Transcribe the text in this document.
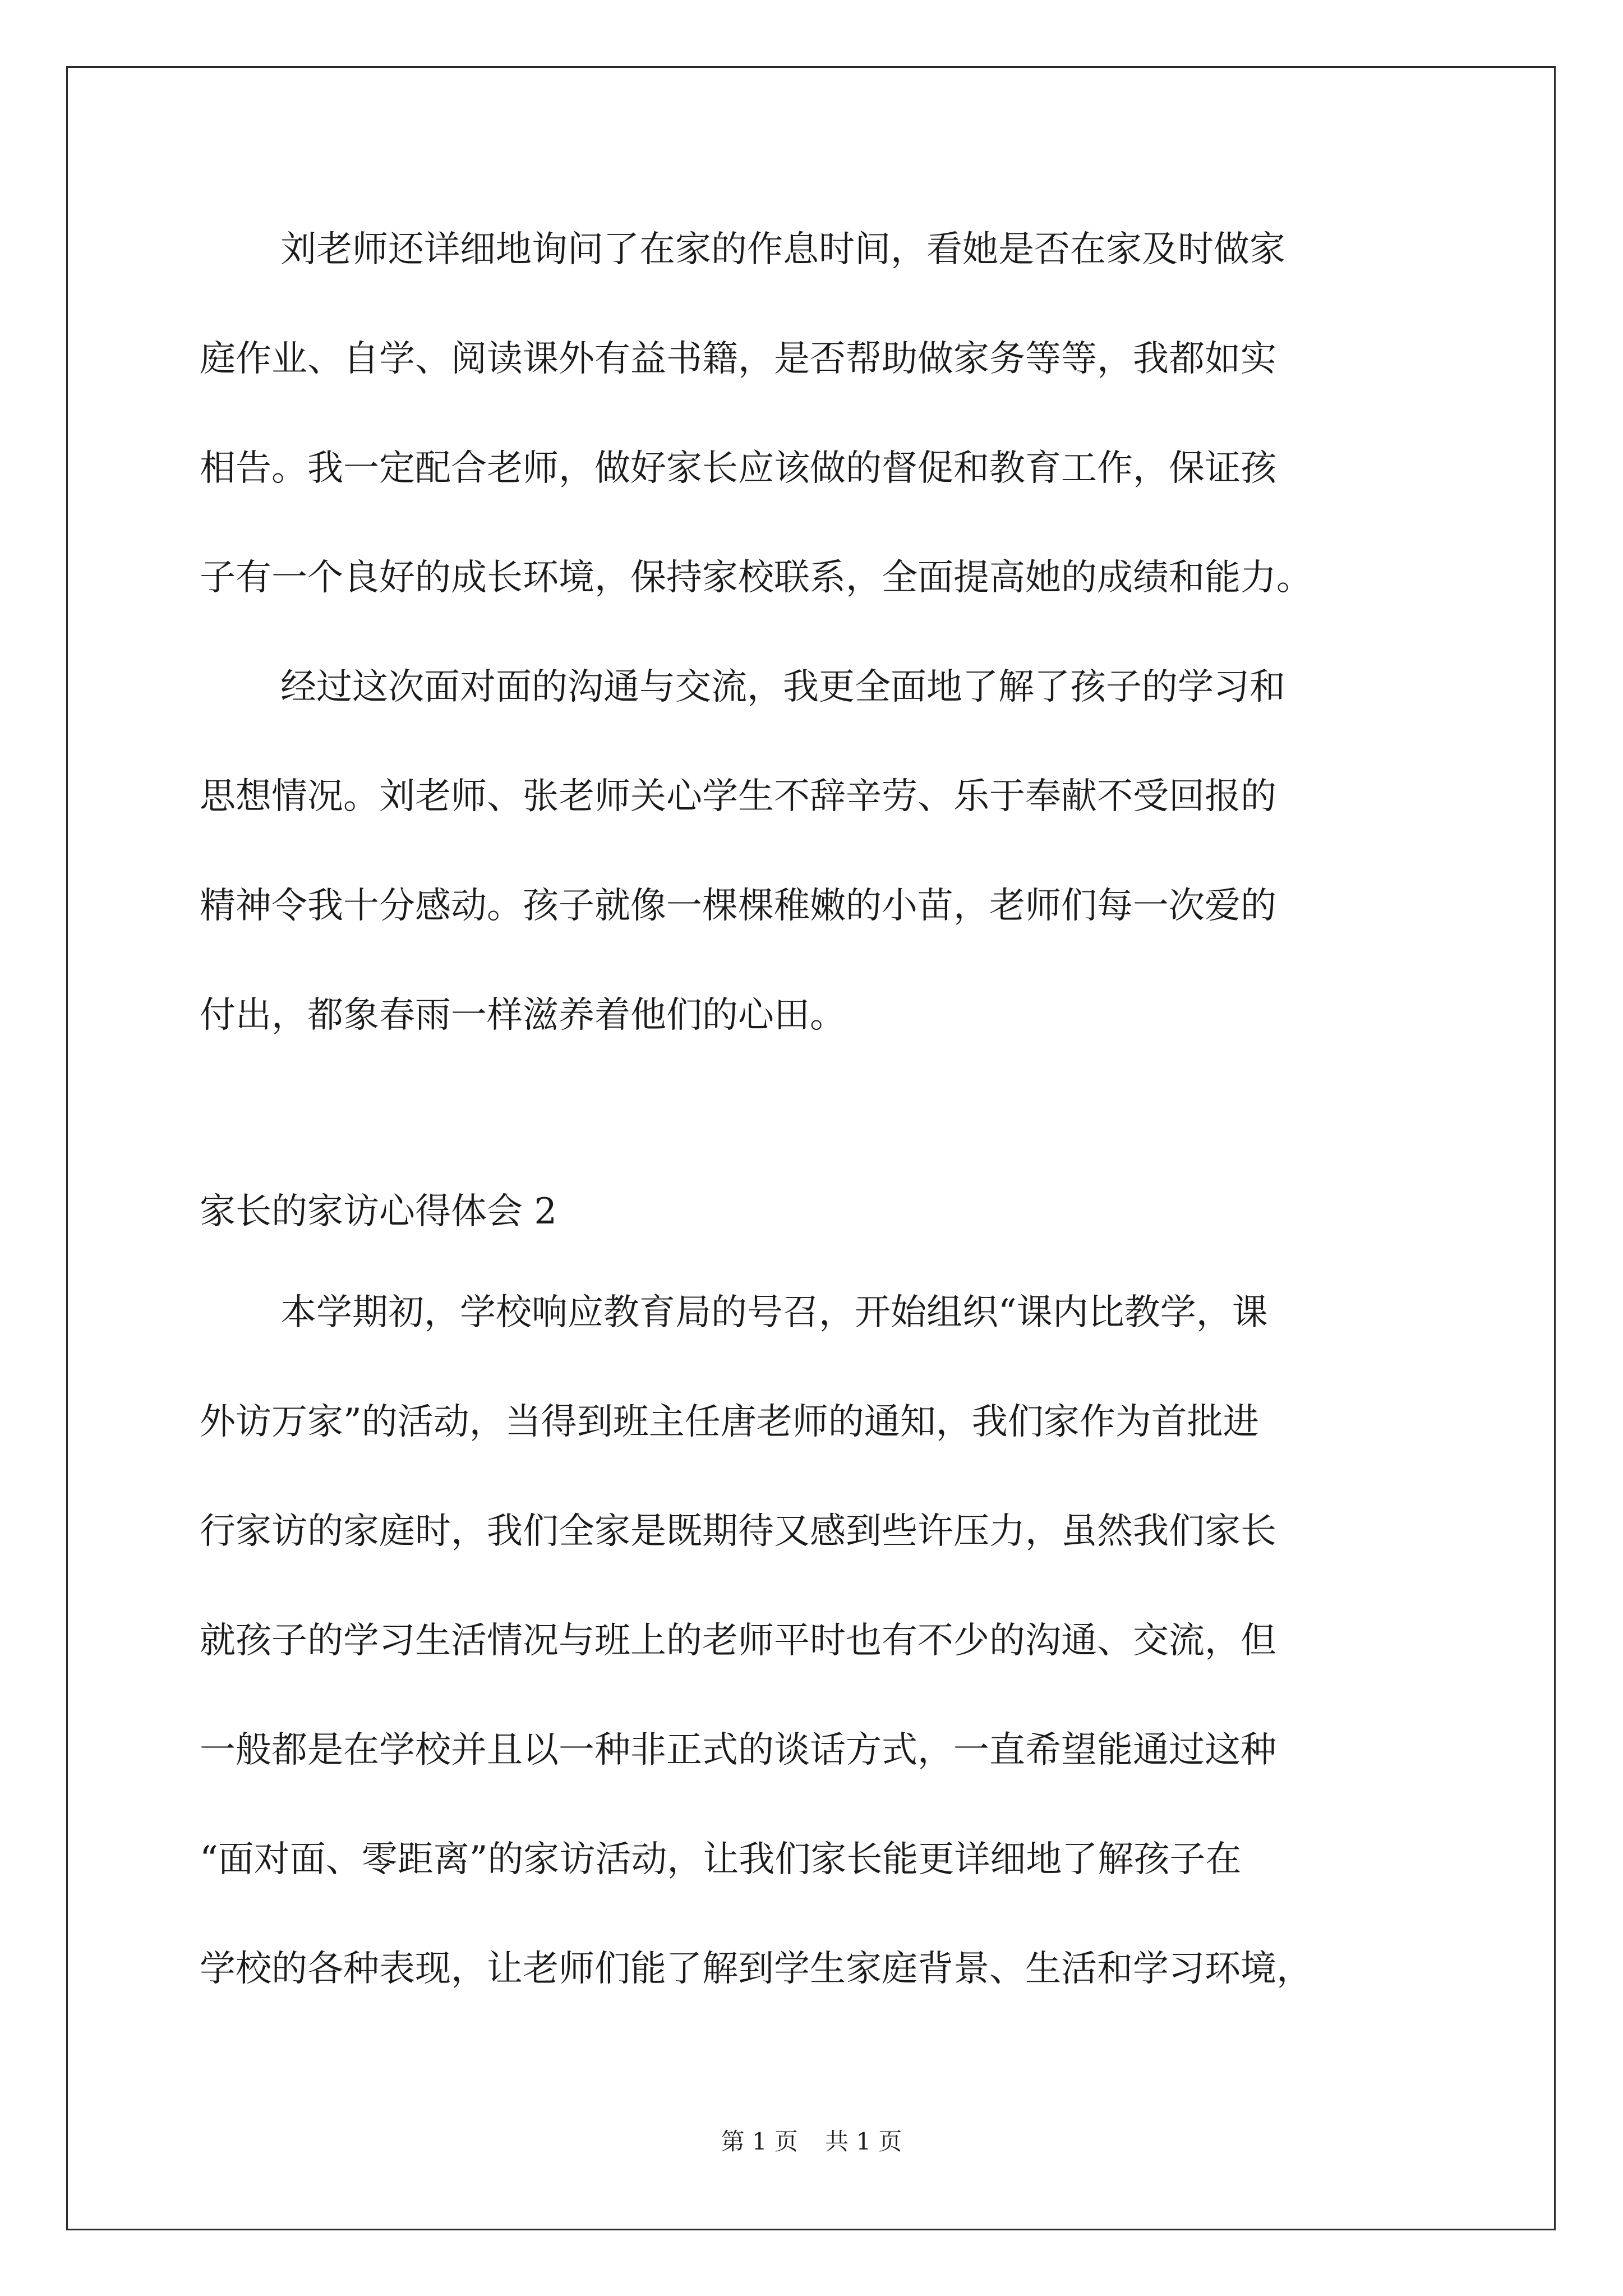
刘老师还详细地询问了在家的作息时间，看她是否在家及时做家
庭作业、自学、阅读课外有益书籍，是否帮助做家务等等，我都如实
相告。我一定配合老师，做好家长应该做的督促和教育工作，保证孩
子有一个良好的成长环境，保持家校联系，全面提高她的成绩和能力。
经过这次面对面的沟通与交流，我更全面地了解了孩子的学习和
思想情况。刘老师、张老师关心学生不辞辛劳、乐于奉献不受回报的
精神令我十分感动。孩子就像一棵棵稚嫩的小苗，老师们每一次爱的
付出，都象春雨一样滋养着他们的心田。
家长的家访心得体会 2
本学期初，学校响应教育局的号召，开始组织“课内比教学，课
外访万家”的活动，当得到班主任唐老师的通知，我们家作为首批进
行家访的家庭时，我们全家是既期待又感到些许压力，虽然我们家长
就孩子的学习生活情况与班上的老师平时也有不少的沟通、交流，但
一般都是在学校并且以一种非正式的谈话方式，一直希望能通过这种
“面对面、零距离”的家访活动，让我们家长能更详细地了解孩子在
学校的各种表现，让老师们能了解到学生家庭背景、生活和学习环境，
第 1 页 共 1 页
